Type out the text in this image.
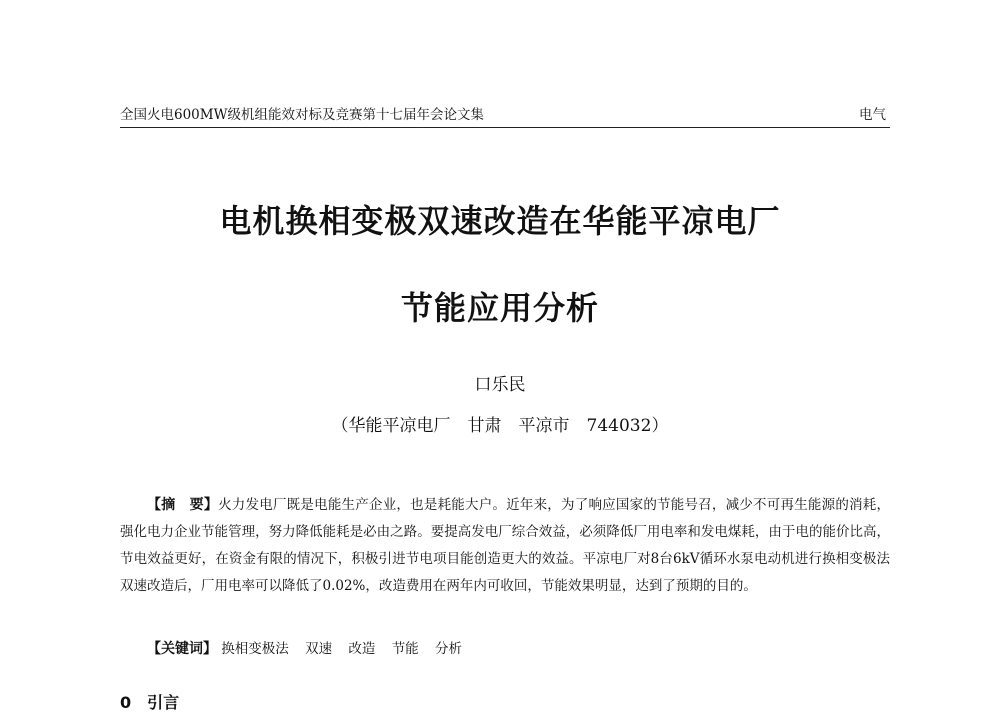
全国火电600MW级机组能效对标及竞赛第十七届年会论文集	电气
电机换相变极双速改造在华能平凉电厂
节能应用分析
口乐民
（华能平凉电厂　甘肃　平凉市　744032）
【摘　要】火力发电厂既是电能生产企业，也是耗能大户。近年来，为了响应国家的节能号召，减少不可再生能源的消耗，强化电力企业节能管理，努力降低能耗是必由之路。要提高发电厂综合效益，必须降低厂用电率和发电煤耗，由于电的能价比高，节电效益更好，在资金有限的情况下，积极引进节电项目能创造更大的效益。平凉电厂对8台6kV循环水泵电动机进行换相变极法双速改造后，厂用电率可以降低了0.02%，改造费用在两年内可收回，节能效果明显，达到了预期的目的。
【关键词】 换相变极法 双速 改造 节能 分析
0　引言
